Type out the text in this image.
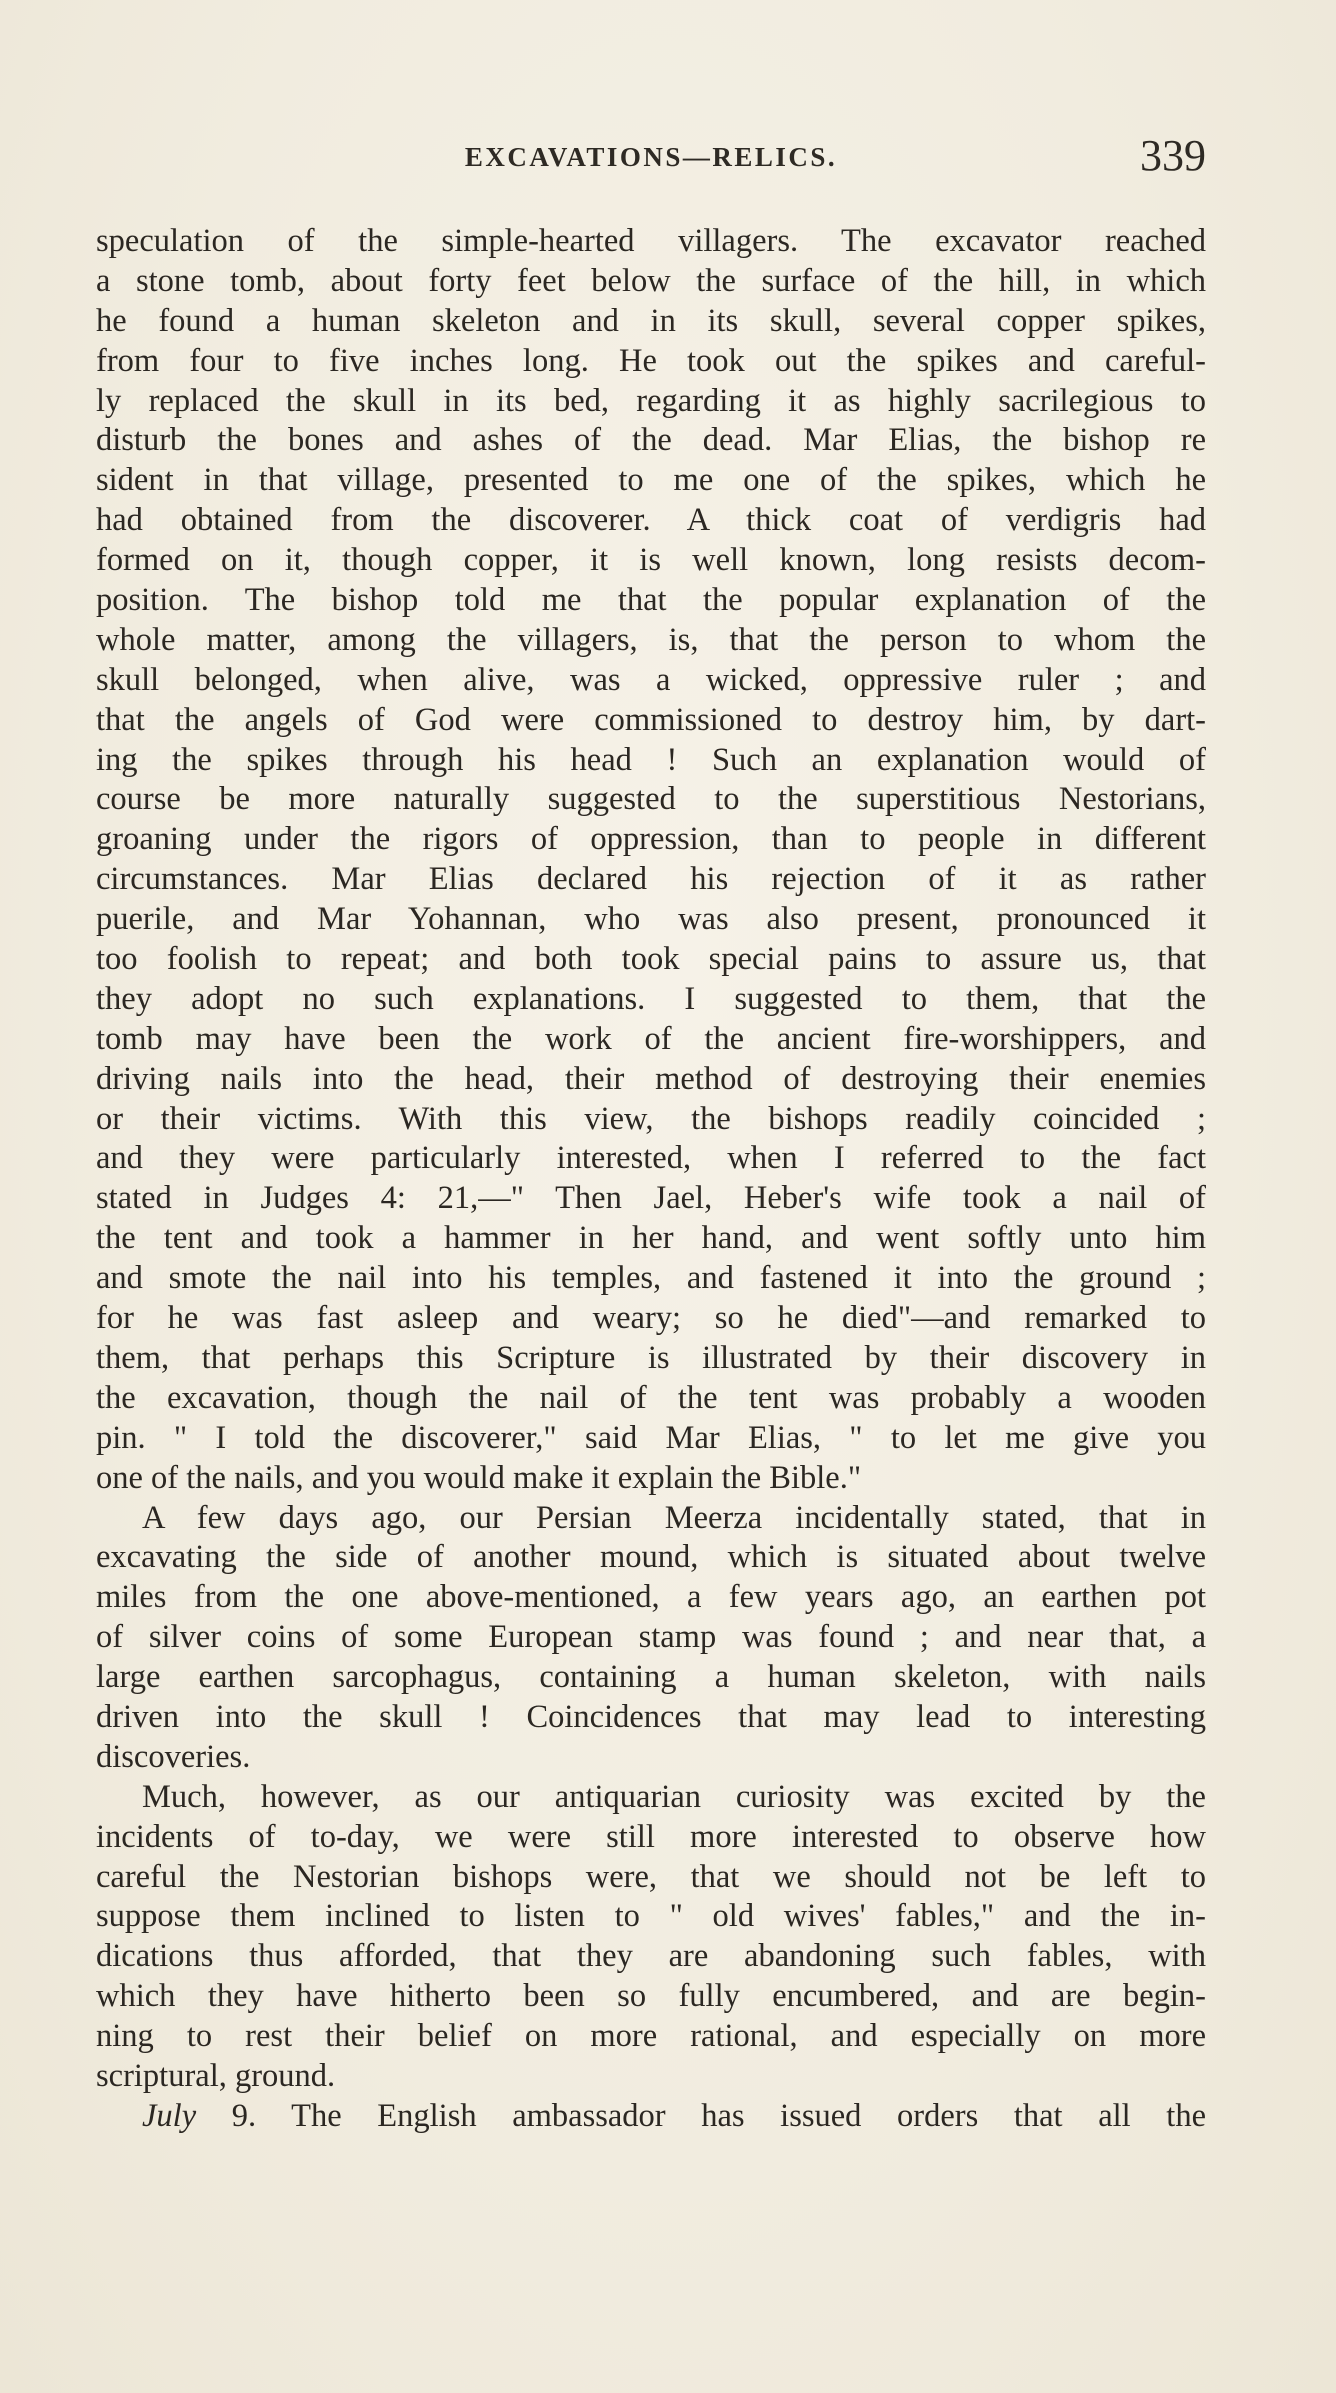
EXCAVATIONS—RELICS.	339
speculation of the simple-hearted villagers. The excavator reached
a stone tomb, about forty feet below the surface of the hill, in which
he found a human skeleton and in its skull, several copper spikes,
from four to five inches long. He took out the spikes and careful-
ly replaced the skull in its bed, regarding it as highly sacrilegious to
disturb the bones and ashes of the dead. Mar Elias, the bishop re
sident in that village, presented to me one of the spikes, which he
had obtained from the discoverer. A thick coat of verdigris had
formed on it, though copper, it is well known, long resists decom-
position. The bishop told me that the popular explanation of the
whole matter, among the villagers, is, that the person to whom the
skull belonged, when alive, was a wicked, oppressive ruler ; and
that the angels of God were commissioned to destroy him, by dart-
ing the spikes through his head ! Such an explanation would of
course be more naturally suggested to the superstitious Nestorians,
groaning under the rigors of oppression, than to people in different
circumstances. Mar Elias declared his rejection of it as rather
puerile, and Mar Yohannan, who was also present, pronounced it
too foolish to repeat; and both took special pains to assure us, that
they adopt no such explanations. I suggested to them, that the
tomb may have been the work of the ancient fire-worshippers, and
driving nails into the head, their method of destroying their enemies
or their victims. With this view, the bishops readily coincided ;
and they were particularly interested, when I referred to the fact
stated in Judges 4: 21,—" Then Jael, Heber's wife took a nail of
the tent and took a hammer in her hand, and went softly unto him
and smote the nail into his temples, and fastened it into the ground ;
for he was fast asleep and weary; so he died"—and remarked to
them, that perhaps this Scripture is illustrated by their discovery in
the excavation, though the nail of the tent was probably a wooden
pin. " I told the discoverer," said Mar Elias, " to let me give you
one of the nails, and you would make it explain the Bible."
A few days ago, our Persian Meerza incidentally stated, that in
excavating the side of another mound, which is situated about twelve
miles from the one above-mentioned, a few years ago, an earthen pot
of silver coins of some European stamp was found ; and near that, a
large earthen sarcophagus, containing a human skeleton, with nails
driven into the skull ! Coincidences that may lead to interesting
discoveries.
Much, however, as our antiquarian curiosity was excited by the
incidents of to-day, we were still more interested to observe how
careful the Nestorian bishops were, that we should not be left to
suppose them inclined to listen to " old wives' fables," and the in-
dications thus afforded, that they are abandoning such fables, with
which they have hitherto been so fully encumbered, and are begin-
ning to rest their belief on more rational, and especially on more
scriptural, ground.
July 9. The English ambassador has issued orders that all the
